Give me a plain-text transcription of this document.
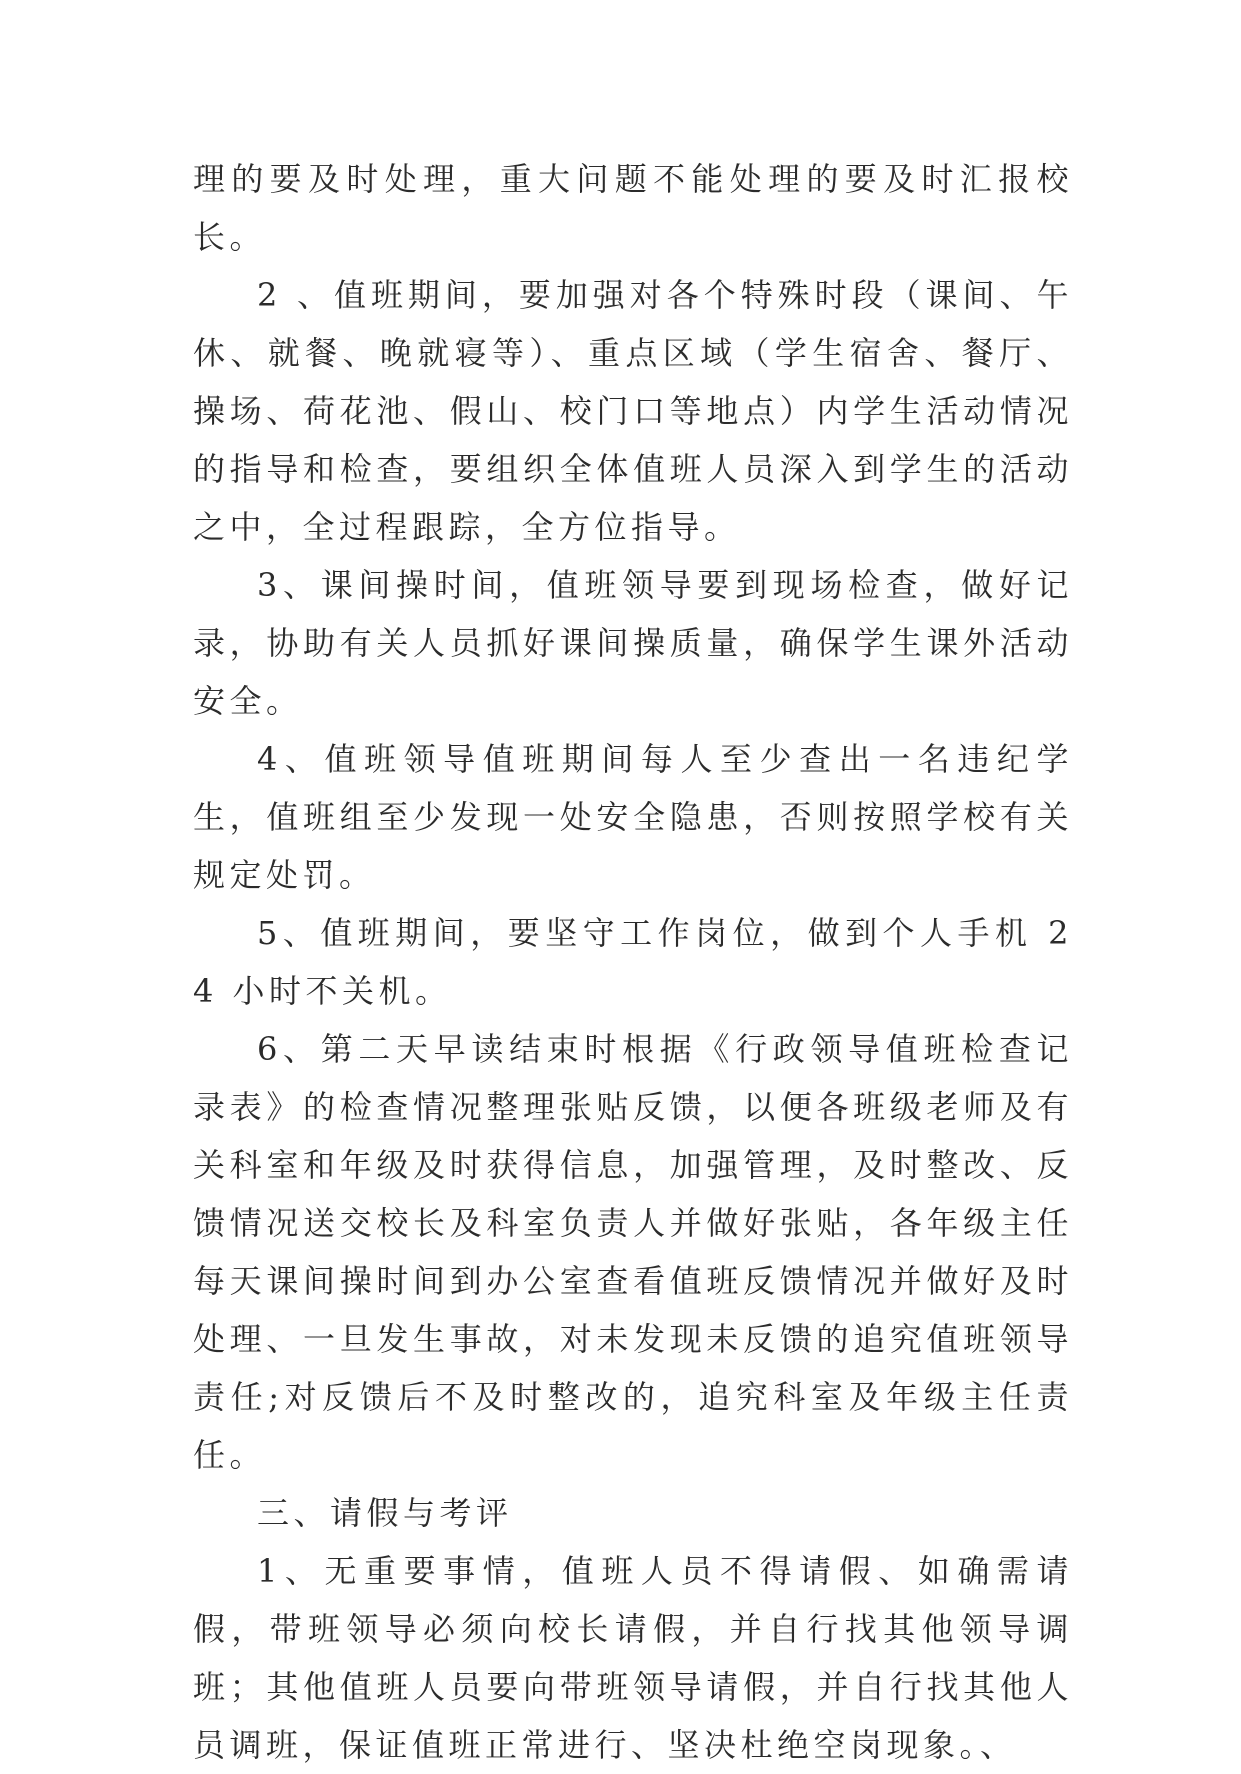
理的要及时处理，重大问题不能处理的要及时汇报校长。

2 、值班期间，要加强对各个特殊时段（课间、午休、就餐、晚就寝等）、重点区域（学生宿舍、餐厅、操场、荷花池、假山、校门口等地点）内学生活动情况的指导和检查，要组织全体值班人员深入到学生的活动之中，全过程跟踪，全方位指导。

3、课间操时间，值班领导要到现场检查，做好记录，协助有关人员抓好课间操质量，确保学生课外活动安全。

4、值班领导值班期间每人至少查出一名违纪学生，值班组至少发现一处安全隐患，否则按照学校有关规定处罚。

5、值班期间，要坚守工作岗位，做到个人手机 24 小时不关机。

6、第二天早读结束时根据《行政领导值班检查记录表》的检查情况整理张贴反馈，以便各班级老师及有关科室和年级及时获得信息，加强管理，及时整改、反馈情况送交校长及科室负责人并做好张贴，各年级主任每天课间操时间到办公室查看值班反馈情况并做好及时处理、一旦发生事故，对未发现未反馈的追究值班领导责任;对反馈后不及时整改的，追究科室及年级主任责任。

三、请假与考评

1、无重要事情，值班人员不得请假、如确需请假，带班领导必须向校长请假，并自行找其他领导调班；其他值班人员要向带班领导请假，并自行找其他人员调班，保证值班正常进行、坚决杜绝空岗现象。、
